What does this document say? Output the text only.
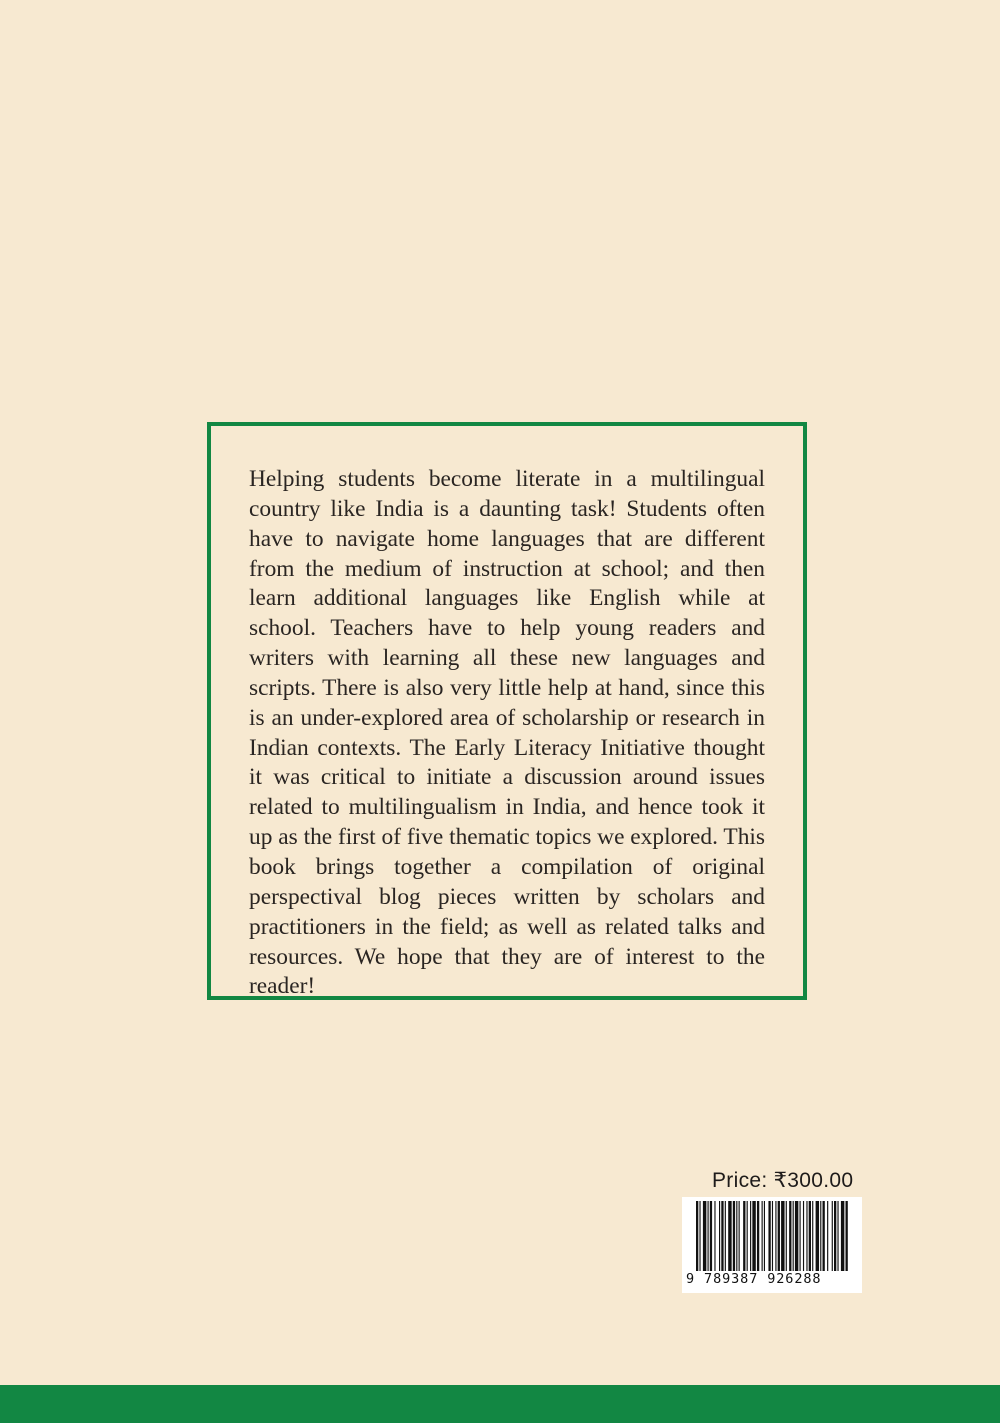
Helping students become literate in a multilingual country like India is a daunting task! Students often have to navigate home languages that are different from the medium of instruction at school; and then learn additional languages like English while at school. Teachers have to help young readers and writers with learning all these new languages and scripts. There is also very little help at hand, since this is an under-explored area of scholarship or research in Indian contexts. The Early Literacy Initiative thought it was critical to initiate a discussion around issues related to multilingualism in India, and hence took it up as the first of five thematic topics we explored. This book brings together a compilation of original perspectival blog pieces written by scholars and practitioners in the field; as well as related talks and resources. We hope that they are of interest to the reader!

Price: ₹300.00
9 789387 926288
